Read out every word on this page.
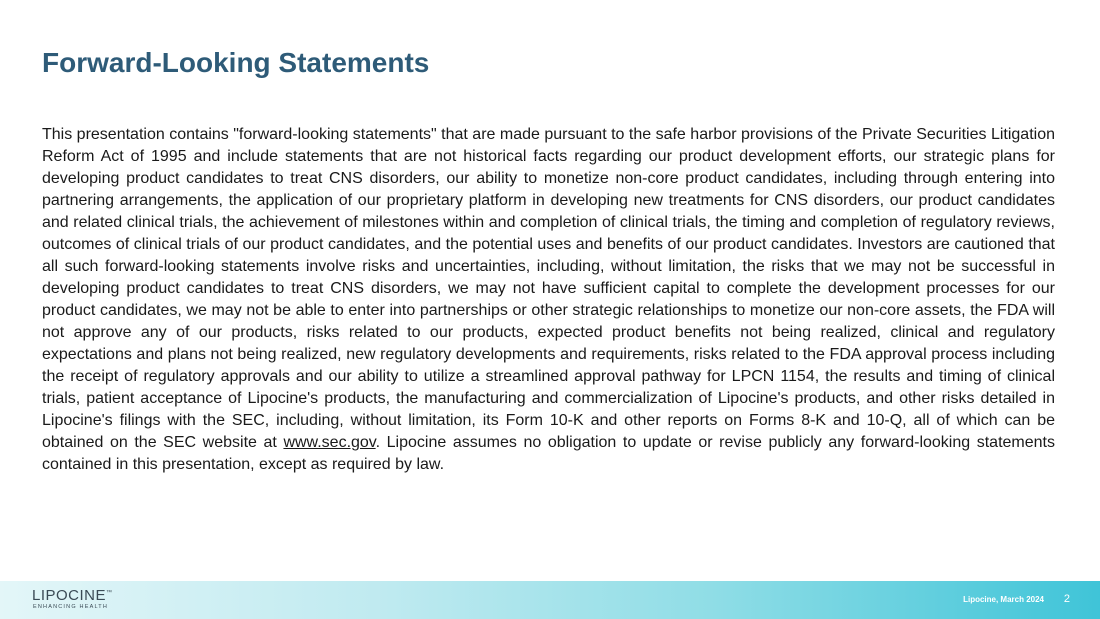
Forward-Looking Statements

This presentation contains "forward-looking statements" that are made pursuant to the safe harbor provisions of the Private Securities Litigation Reform Act of 1995 and include statements that are not historical facts regarding our product development efforts, our strategic plans for developing product candidates to treat CNS disorders, our ability to monetize non-core product candidates, including through entering into partnering arrangements, the application of our proprietary platform in developing new treatments for CNS disorders, our product candidates and related clinical trials, the achievement of milestones within and completion of clinical trials, the timing and completion of regulatory reviews, outcomes of clinical trials of our product candidates, and the potential uses and benefits of our product candidates. Investors are cautioned that all such forward-looking statements involve risks and uncertainties, including, without limitation, the risks that we may not be successful in developing product candidates to treat CNS disorders, we may not have sufficient capital to complete the development processes for our product candidates, we may not be able to enter into partnerships or other strategic relationships to monetize our non-core assets, the FDA will not approve any of our products, risks related to our products, expected product benefits not being realized, clinical and regulatory expectations and plans not being realized, new regulatory developments and requirements, risks related to the FDA approval process including the receipt of regulatory approvals and our ability to utilize a streamlined approval pathway for LPCN 1154, the results and timing of clinical trials, patient acceptance of Lipocine's products, the manufacturing and commercialization of Lipocine's products, and other risks detailed in Lipocine's filings with the SEC, including, without limitation, its Form 10-K and other reports on Forms 8-K and 10-Q, all of which can be obtained on the SEC website at www.sec.gov. Lipocine assumes no obligation to update or revise publicly any forward-looking statements contained in this presentation, except as required by law.

LIPOCINE™
ENHANCING HEALTH
Lipocine, March 2024 2
